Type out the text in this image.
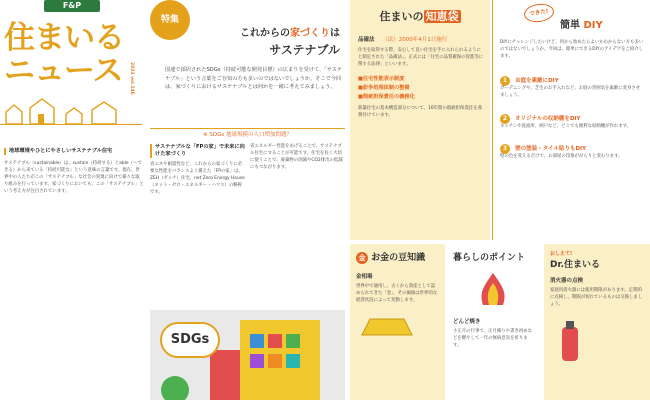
F&P
住まいる
ニュース	2023 vol.146
地球環境やひとにやさしいサステナブル住宅
サステナブル（sustainable）は、sustain（持続する）とable（〜できる）から来ている「持続可能な」という意味の言葉です。現在、世界中の人たちがこの「サステナブル」な社会の実現に向けて様々な取り組みを行っています。家づくりにおいても、この「サステナブル」という考え方が注目されています。
特集
これからの家づくりは
サステナブル
国連で採択されたSDGs（持続可能な開発目標）の広まりを受けて、「サステナブル」という言葉をご存知の方も多いのではないでしょうか。そこで今回は、家づくりにおけるサステナブルとは何かを一緒に考えてみましょう。
※ SDGs 地球規模の人口増加問題？
サステナブルな「FPの家」で未来に向けた家づくり
省エネや耐震性など、これからの家づくりに必要な性能をバランスよく備えた「FPの家」は、ZEH（ゼッチ）住宅、net Zero Energy House（ネット・ゼロ・エネルギー・ハウス）の略称です。
省エネルギー性能をあげることで、サステナブル住宅にすることが可能です。住宅を長く大切に使うことで、廃棄物の削減やCO2排出の低減にもつながります。
SDGs
住まいの 知恵袋
品確法 （法）2000年4月1日施行
住宅を取得する際、安心して良い住宅を手に入れられるようにと制定された「品確法」。正式には「住宅の品質確保の促進等に関する法律」といいます。
■住宅性能表示制度
■紛争処理体制の整備
■瑕疵担保責任の義務化
新築住宅の基本構造部分について、10年間の瑕疵担保責任を義務付けています。
できた!
簡単 DIY
DIYにチャレンジしたいけど、何から始めたらよいかわからない方も多いのではないでしょうか。今回は、簡単にできるDIYのアイデアをご紹介します。
1 お庭を素敵にDIY
ガーデニングや、芝生のお手入れなど、お庭の雰囲気を素敵に変身させましょう。
2 オリジナルの収納棚をDIY
キッチンや洗面所、納戸など、どこでも便利な収納棚が作れます。
3 壁の塗装・タイル貼りもDIY
壁の色を変えるだけで、お部屋の印象ががらりと変わります。
金 お金の豆知識
金相場
世界中で通用し、古くから資産として認められてきた「金」。その価値は世界的な経済状況によって変動します。
暮らしのポイント
どんど焼き
小正月の行事で、正月飾りや書き初めなどを燃やして一年の無病息災を祈ります。
おしえて!
Dr.住まいる
消火器の点検
家庭用消火器には使用期限があります。定期的に点検し、期限が切れているものは交換しましょう。
